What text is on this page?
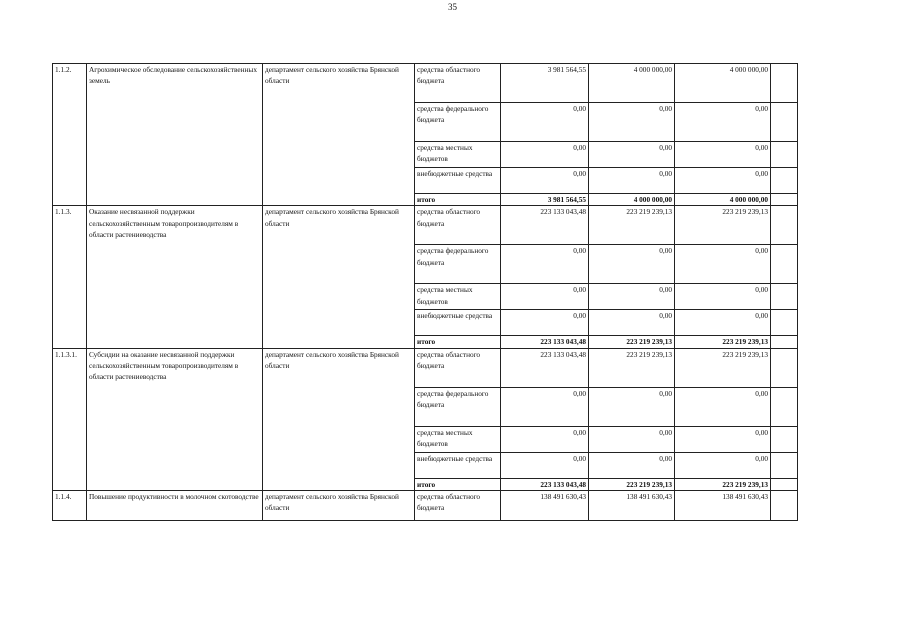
35
1.1.2.	Агрохимическое обследование сельскохозяйственных земель	департамент сельского хозяйства Брянской области	средства областного бюджета	3 981 564,55	4 000 000,00	4 000 000,00	
			средства федерального бюджета	0,00	0,00	0,00	
			средства местных бюджетов	0,00	0,00	0,00	
			внебюджетные средства	0,00	0,00	0,00	
			итого	3 981 564,55	4 000 000,00	4 000 000,00	
1.1.3.	Оказание несвязанной поддержки сельскохозяйственным товаропроизводителям в области растениеводства	департамент сельского хозяйства Брянской области	средства областного бюджета	223 133 043,48	223 219 239,13	223 219 239,13	
			средства федерального бюджета	0,00	0,00	0,00	
			средства местных бюджетов	0,00	0,00	0,00	
			внебюджетные средства	0,00	0,00	0,00	
			итого	223 133 043,48	223 219 239,13	223 219 239,13	
1.1.3.1.	Субсидии на оказание несвязанной поддержки сельскохозяйственным товаропроизводителям в области растениеводства	департамент сельского хозяйства Брянской области	средства областного бюджета	223 133 043,48	223 219 239,13	223 219 239,13	
			средства федерального бюджета	0,00	0,00	0,00	
			средства местных бюджетов	0,00	0,00	0,00	
			внебюджетные средства	0,00	0,00	0,00	
			итого	223 133 043,48	223 219 239,13	223 219 239,13	
1.1.4.	Повышение продуктивности в молочном скотоводстве	департамент сельского хозяйства Брянской области	средства областного бюджета	138 491 630,43	138 491 630,43	138 491 630,43	
